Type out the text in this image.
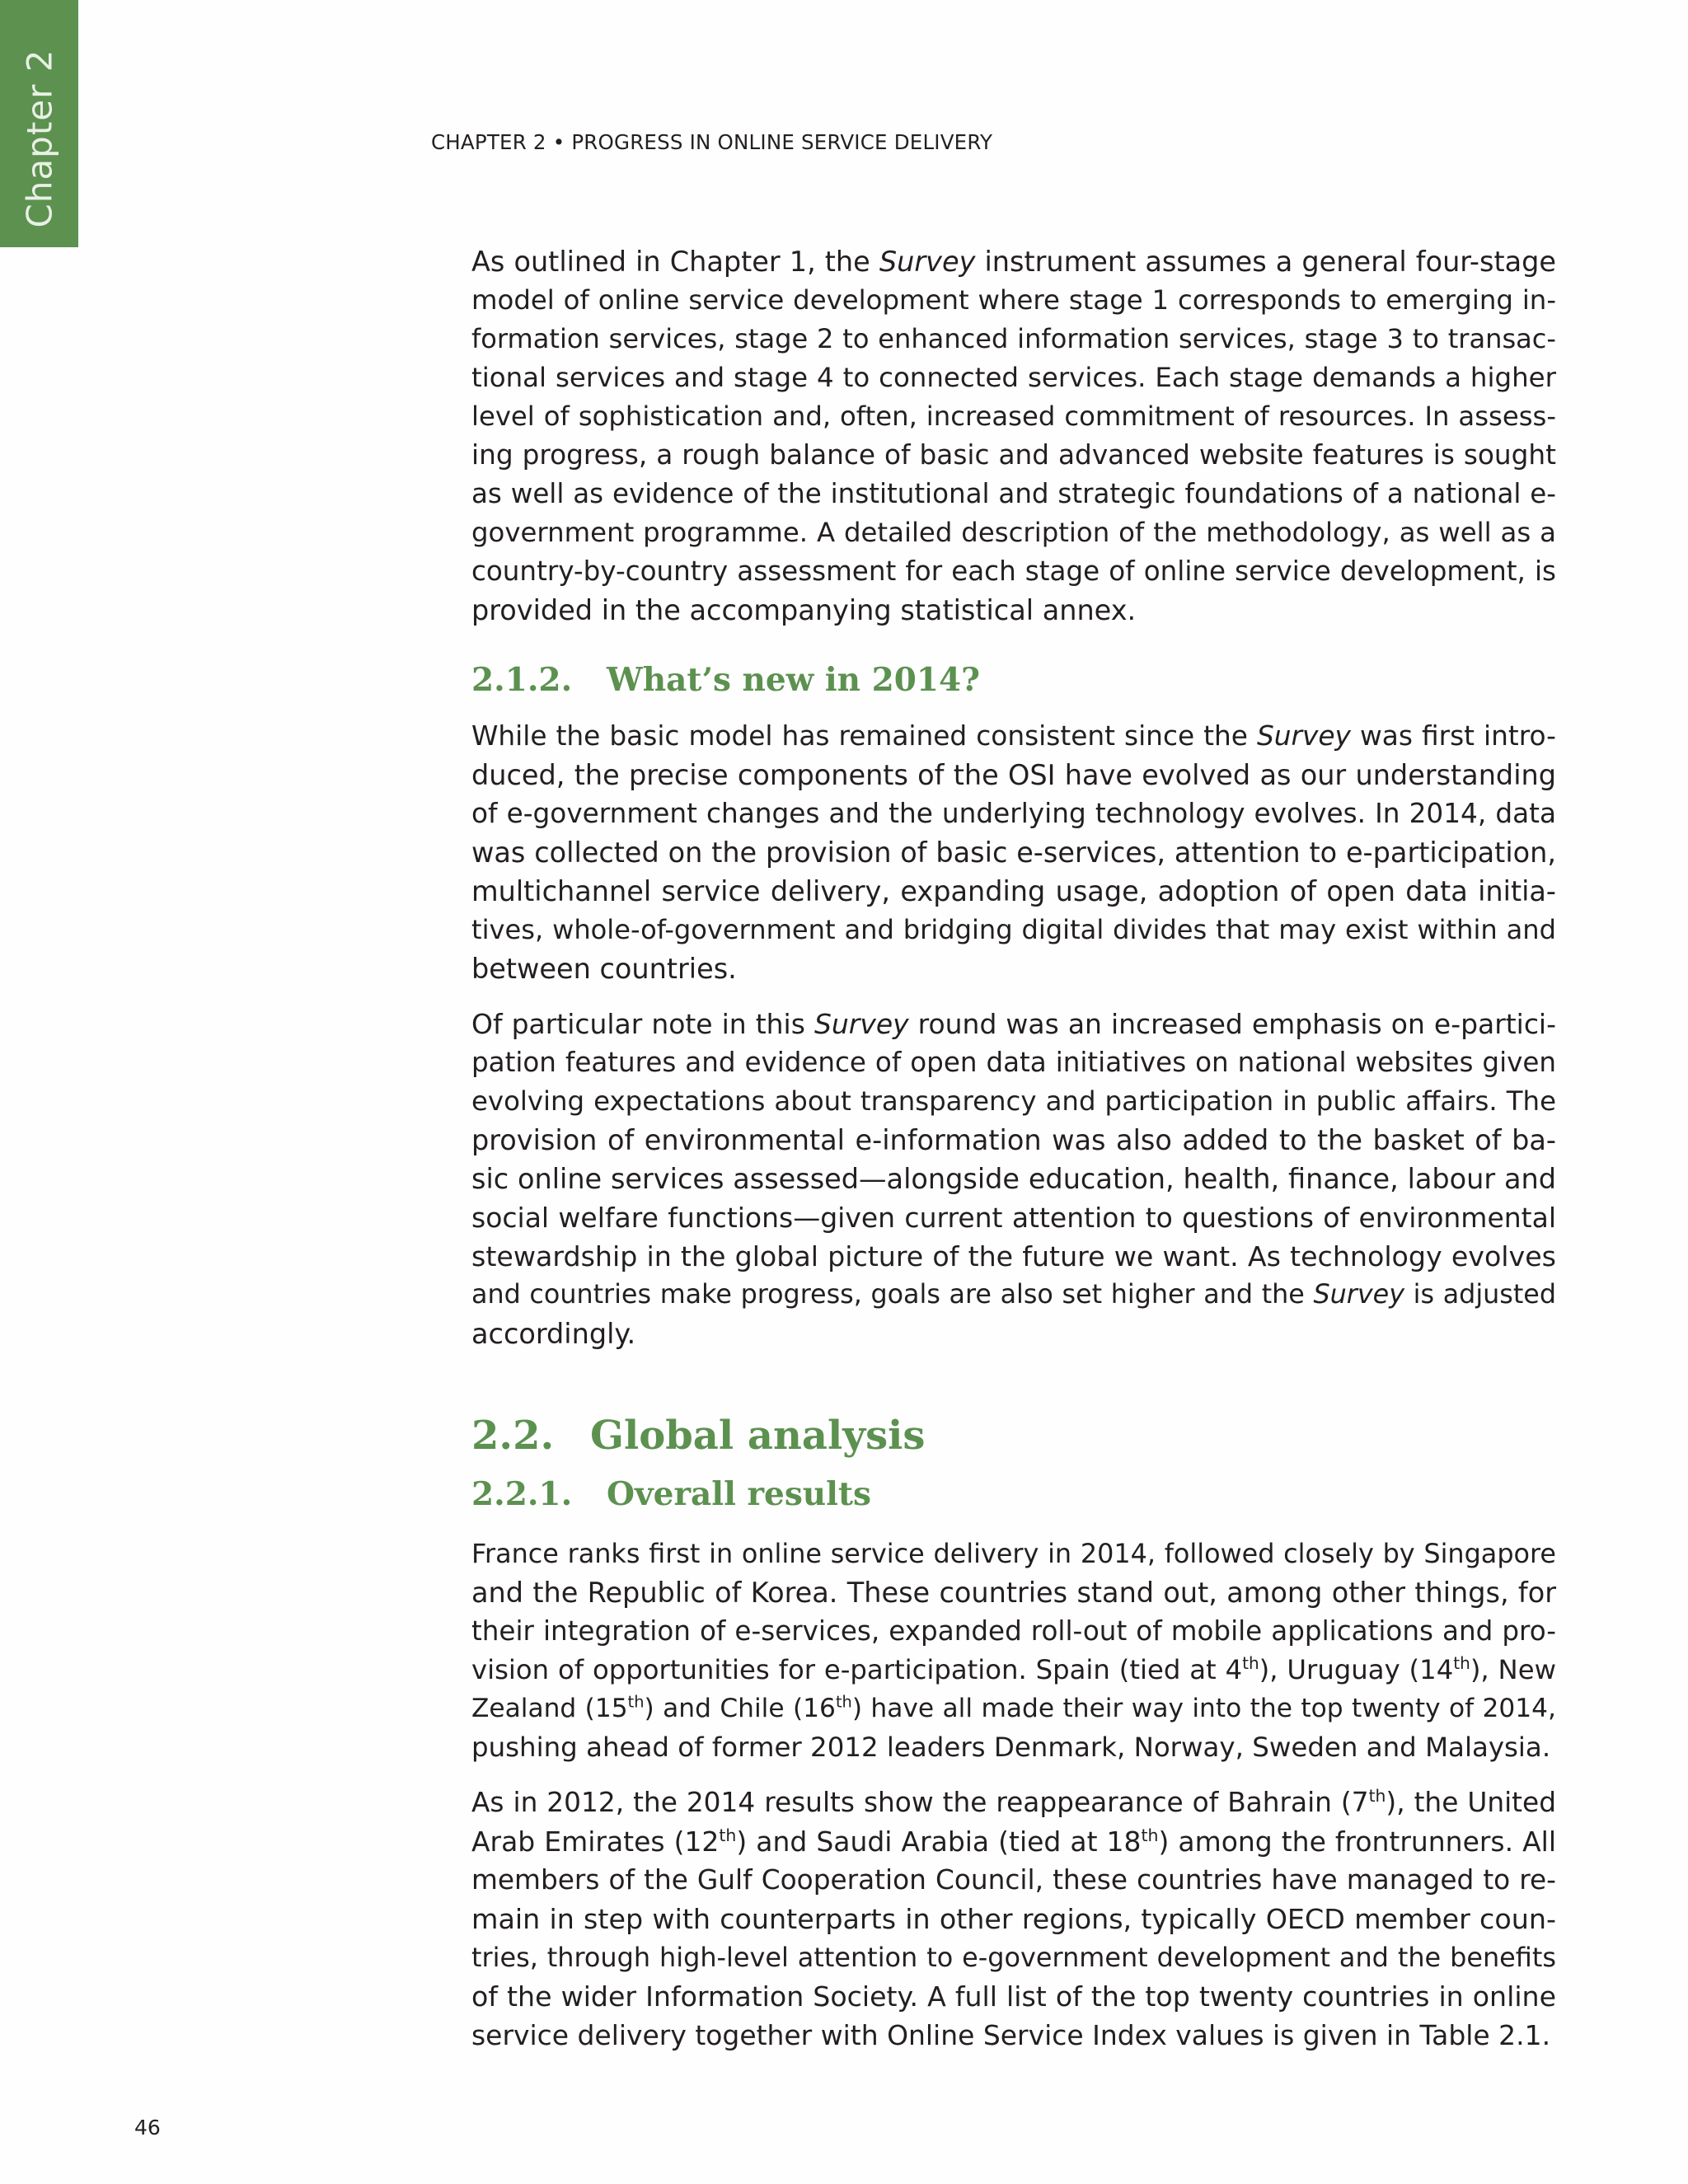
Chapter 2	CHAPTER 2 • PROGRESS IN ONLINE SERVICE DELIVERY
As outlined in Chapter 1, the Survey instrument assumes a general four-stage
model of online service development where stage 1 corresponds to emerging in-
formation services, stage 2 to enhanced information services, stage 3 to transac-
tional services and stage 4 to connected services. Each stage demands a higher
level of sophistication and, often, increased commitment of resources. In assess-
ing progress, a rough balance of basic and advanced website features is sought
as well as evidence of the institutional and strategic foundations of a national e-
government programme. A detailed description of the methodology, as well as a
country-by-country assessment for each stage of online service development, is
provided in the accompanying statistical annex.
2.1.2. What’s new in 2014?
While the basic model has remained consistent since the Survey was first intro-
duced, the precise components of the OSI have evolved as our understanding
of e-government changes and the underlying technology evolves. In 2014, data
was collected on the provision of basic e-services, attention to e-participation,
multichannel service delivery, expanding usage, adoption of open data initia-
tives, whole-of-government and bridging digital divides that may exist within and
between countries.
Of particular note in this Survey round was an increased emphasis on e-partici-
pation features and evidence of open data initiatives on national websites given
evolving expectations about transparency and participation in public affairs. The
provision of environmental e-information was also added to the basket of ba-
sic online services assessed—alongside education, health, finance, labour and
social welfare functions—given current attention to questions of environmental
stewardship in the global picture of the future we want. As technology evolves
and countries make progress, goals are also set higher and the Survey is adjusted
accordingly.
2.2. Global analysis
2.2.1. Overall results
France ranks first in online service delivery in 2014, followed closely by Singapore
and the Republic of Korea. These countries stand out, among other things, for
their integration of e-services, expanded roll-out of mobile applications and pro-
vision of opportunities for e-participation. Spain (tied at 4th), Uruguay (14th), New
Zealand (15th) and Chile (16th) have all made their way into the top twenty of 2014,
pushing ahead of former 2012 leaders Denmark, Norway, Sweden and Malaysia.
As in 2012, the 2014 results show the reappearance of Bahrain (7th), the United
Arab Emirates (12th) and Saudi Arabia (tied at 18th) among the frontrunners. All
members of the Gulf Cooperation Council, these countries have managed to re-
main in step with counterparts in other regions, typically OECD member coun-
tries, through high-level attention to e-government development and the benefits
of the wider Information Society. A full list of the top twenty countries in online
service delivery together with Online Service Index values is given in Table 2.1.
46
